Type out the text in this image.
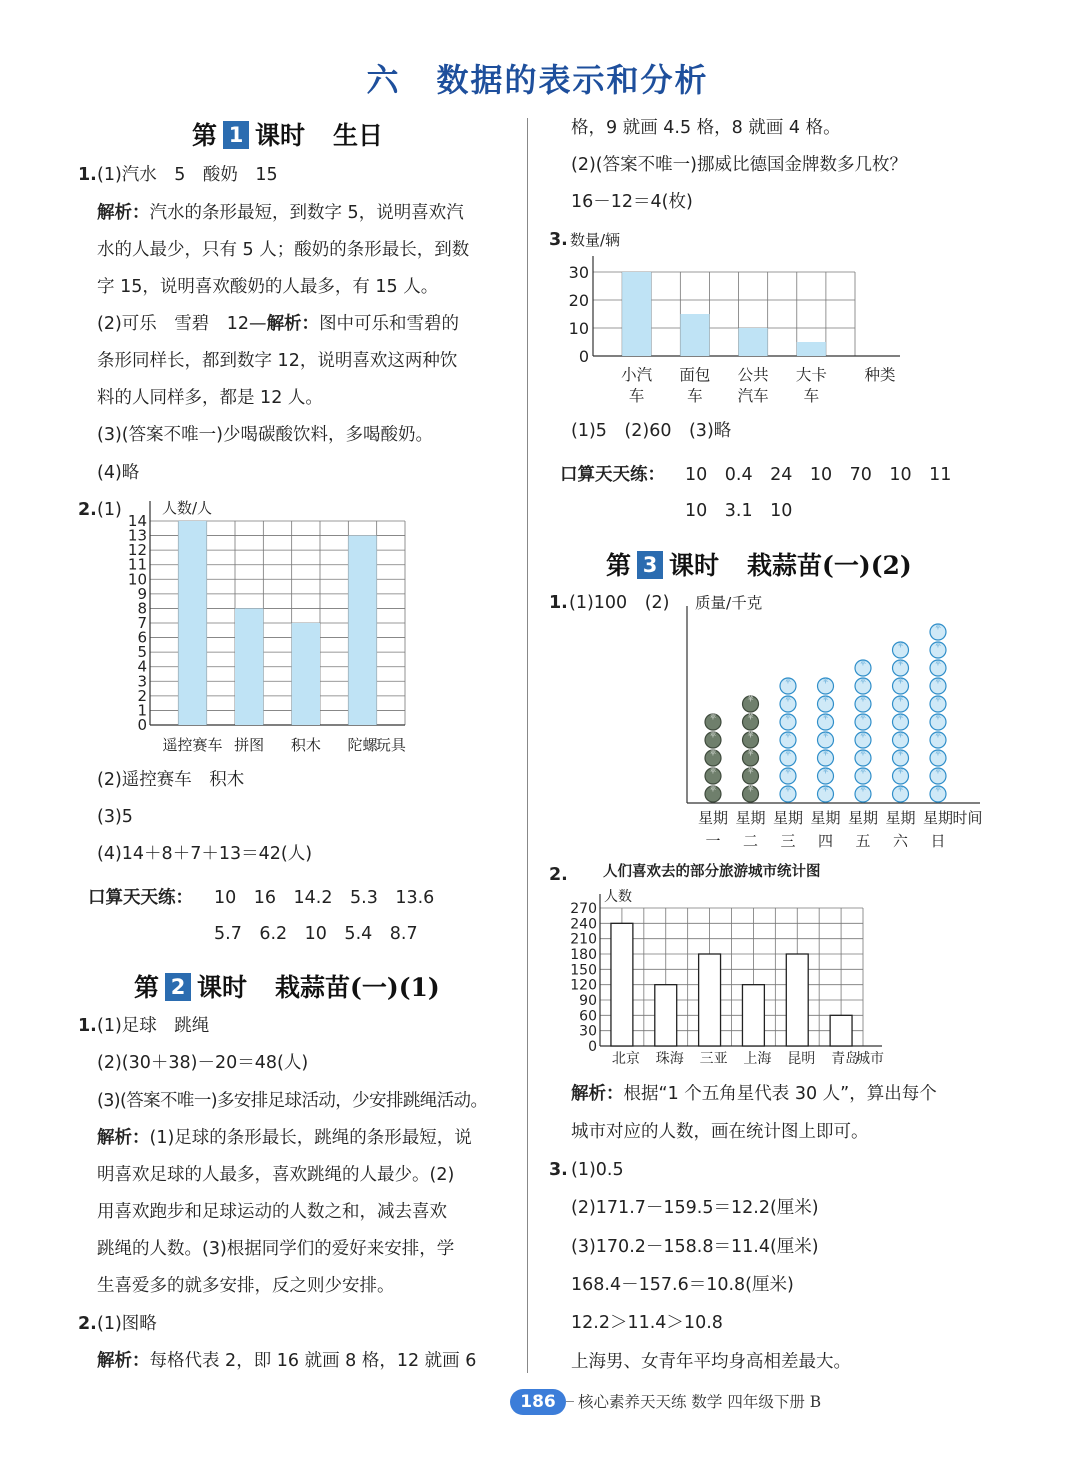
六 数据的表示和分析
第 1 课时 生日
1. (1)汽水　5　酸奶　15
解析：汽水的条形最短，到数字 5，说明喜欢汽
水的人最少，只有 5 人；酸奶的条形最长，到数
字 15，说明喜欢酸奶的人最多，有 15 人。
(2)可乐　雪碧　12—解析：图中可乐和雪碧的
条形同样长，都到数字 12，说明喜欢这两种饮
料的人同样多，都是 12 人。
(3)(答案不唯一)少喝碳酸饮料，多喝酸奶。
(4)略
2. (1)
0
1
2
3
4
5
6
7
8
9
10
11
12
13
14
人数/人
遥控赛车 拼图 积木 陀螺
玩具
(2)遥控赛车　积木
(3)5
(4)14＋8＋7＋13＝42(人)
口算天天练： 10　16　14.2　5.3　13.6
5.7　6.2　10　5.4　8.7
第 2 课时 栽蒜苗(一)(1)
1. (1)足球　跳绳
(2)(30＋38)－20＝48(人)
(3)(答案不唯一)多安排足球活动，少安排跳绳活动。
解析：(1)足球的条形最长，跳绳的条形最短，说
明喜欢足球的人最多，喜欢跳绳的人最少。(2)
用喜欢跑步和足球运动的人数之和，减去喜欢
跳绳的人数。(3)根据同学们的爱好来安排，学
生喜爱多的就多安排，反之则少安排。
2. (1)图略
解析：每格代表 2，即 16 就画 8 格，12 就画 6
格，9 就画 4.5 格，8 就画 4 格。
(2)(答案不唯一)挪威比德国金牌数多几枚？
16－12＝4(枚)
3.
0
10
20
30
数量/辆
小汽
车
面包
车
公共
汽车
大卡
车
种类
(1)5　(2)60　(3)略
口算天天练： 10　0.4　24　10　70　10　11
10　3.1　10
第 3 课时 栽蒜苗(一)(2)
1. (1)100　(2) 质量/千克
苹
苹
苹
苹
苹
星期
一
苹
苹
苹
苹
苹
苹
星期
二
苹
苹
苹
苹
苹
苹
苹
星期
三
苹
苹
苹
苹
苹
苹
苹
星期
四
苹
苹
苹
苹
苹
苹
苹
苹
星期
五
苹
苹
苹
苹
苹
苹
苹
苹
苹
星期
六
苹
苹
苹
苹
苹
苹
苹
苹
苹
苹
星期
日
时间
2. 人们喜欢去的部分旅游城市统计图
0
30
60
90
120
150
180
210
240
270
人数
北京 珠海 三亚 上海 昆明 青岛
城市
解析：根据“1 个五角星代表 30 人”，算出每个
城市对应的人数，画在统计图上即可。
3. (1)0.5
(2)171.7－159.5＝12.2(厘米)
(3)170.2－158.8＝11.4(厘米)
168.4－157.6＝10.8(厘米)
12.2＞11.4＞10.8
上海男、女青年平均身高相差最大。
186	核心素养天天练 数学 四年级下册 B
